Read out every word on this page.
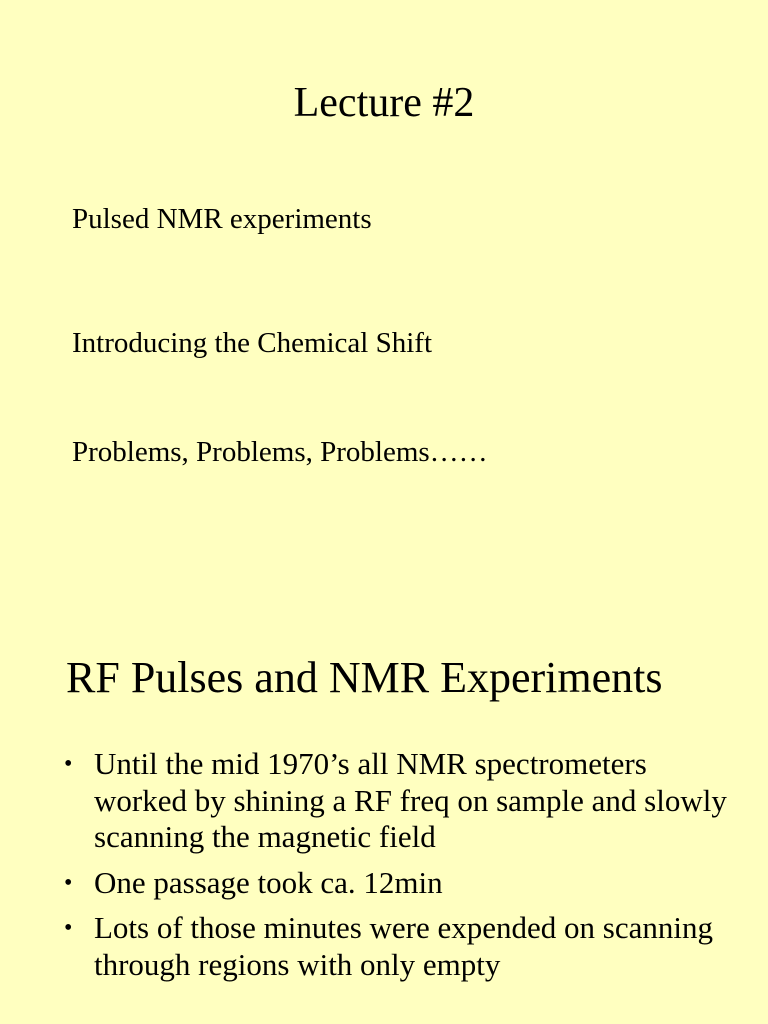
Lecture #2

Pulsed NMR experiments

Introducing the Chemical Shift

Problems, Problems, Problems……

RF Pulses and NMR Experiments
• Until the mid 1970’s all NMR spectrometers worked by shining a RF freq on sample and slowly scanning the magnetic field
• One passage took ca. 12min
• Lots of those minutes were expended on scanning through regions with only empty
